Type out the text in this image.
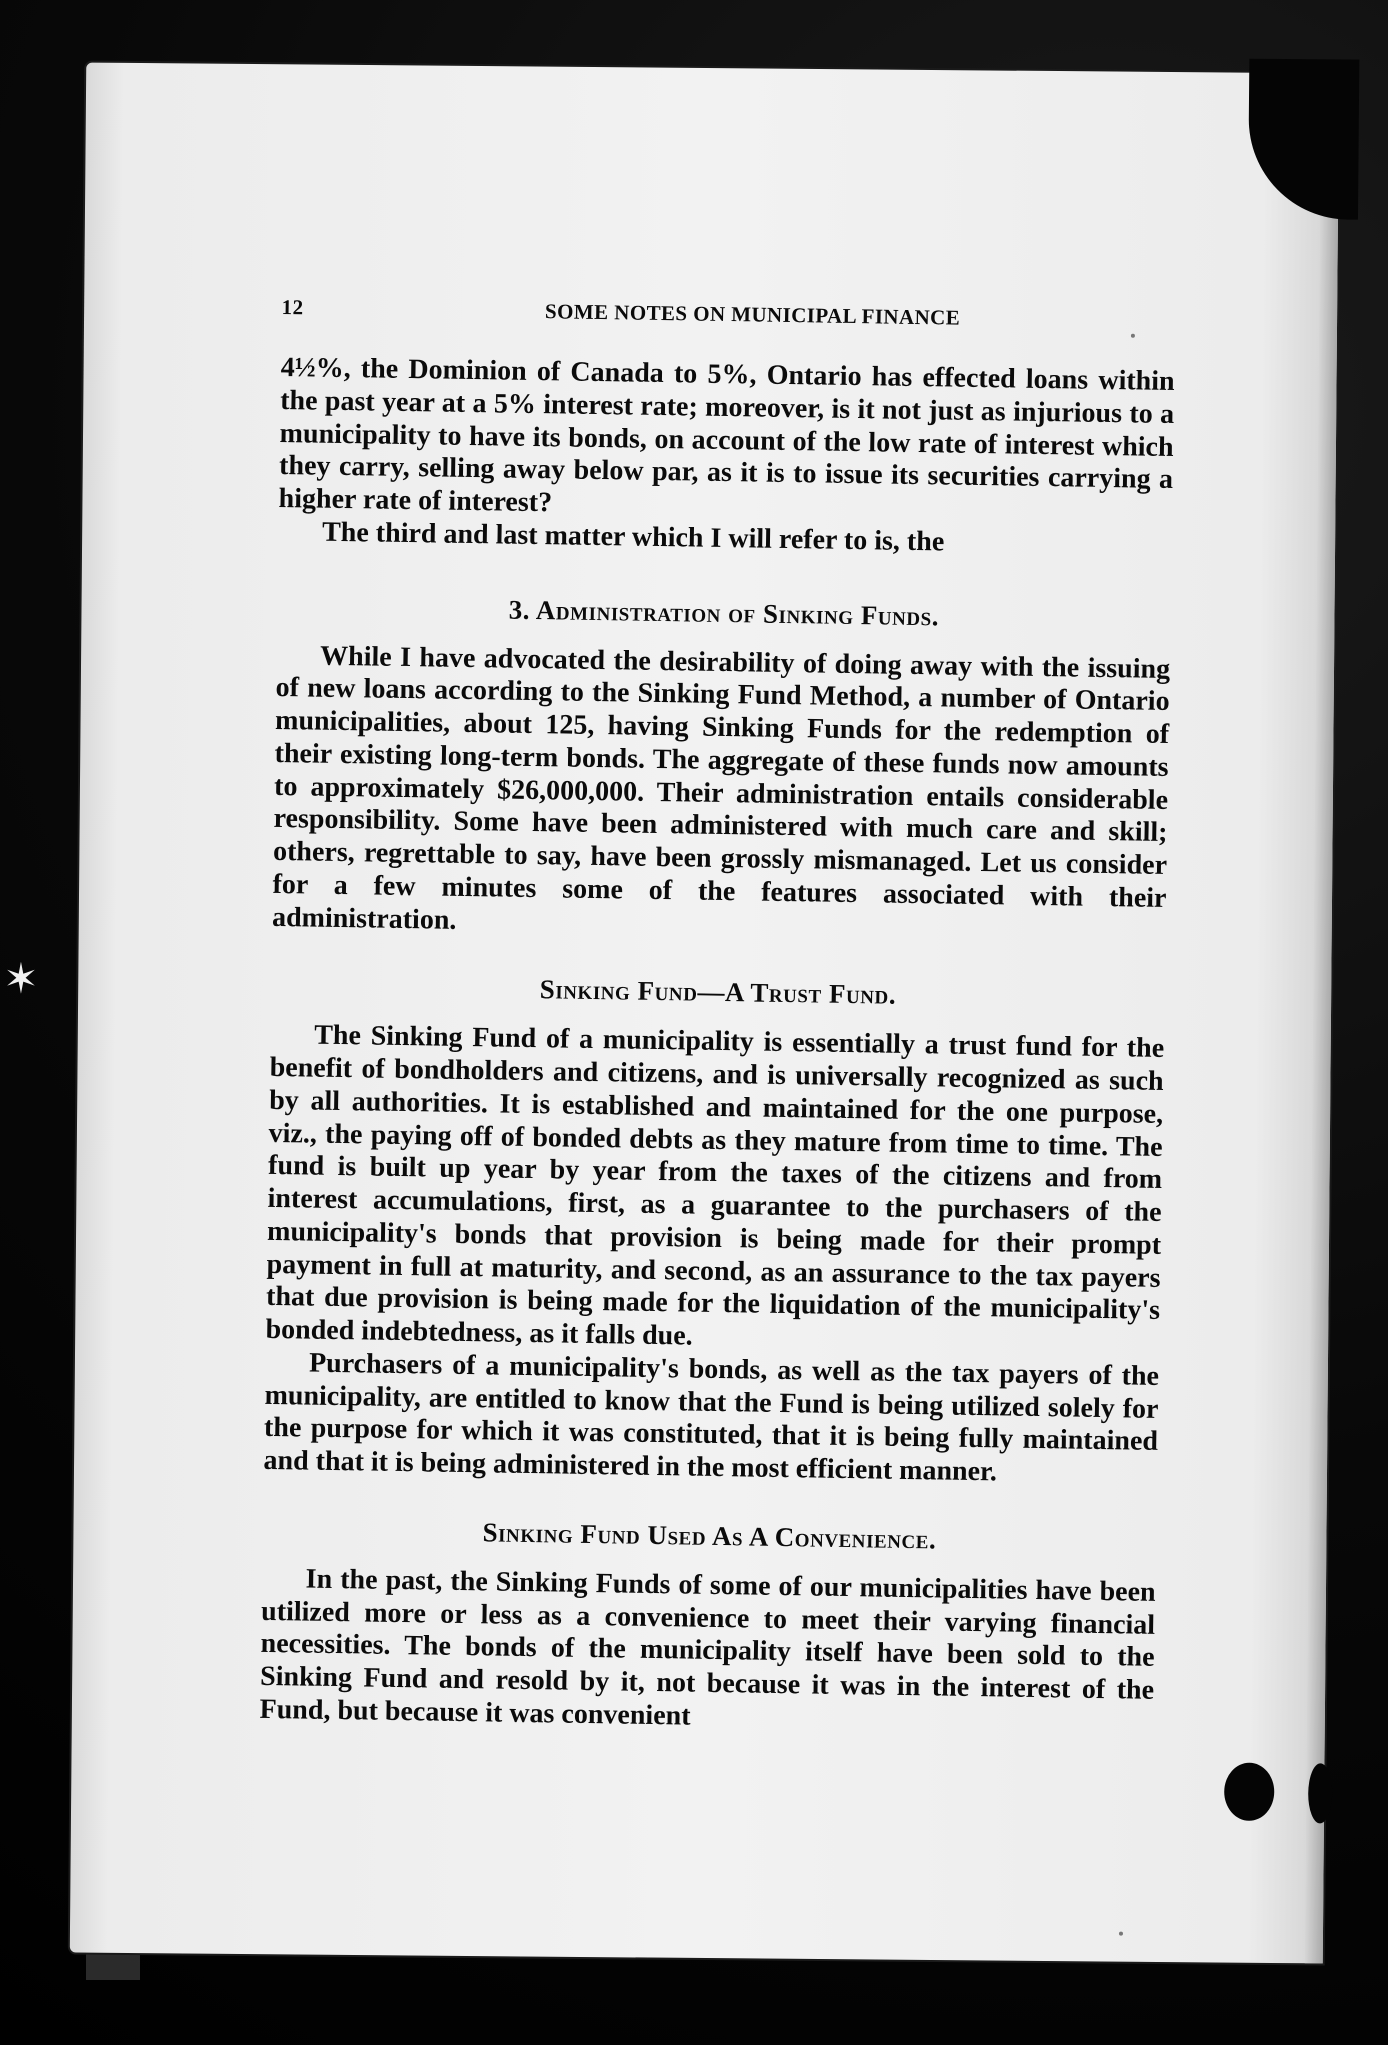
✶
12	SOME NOTES ON MUNICIPAL FINANCE

4½%, the Dominion of Canada to 5%, Ontario has effected loans within the past year at a 5% interest rate; moreover, is it not just as injurious to a municipality to have its bonds, on account of the low rate of interest which they carry, selling away below par, as it is to issue its securities carrying a higher rate of interest?

The third and last matter which I will refer to is, the

3. Administration of Sinking Funds.

While I have advocated the desirability of doing away with the issuing of new loans according to the Sinking Fund Method, a number of Ontario municipalities, about 125, having Sinking Funds for the redemption of their existing long-term bonds. The aggregate of these funds now amounts to approximately $26,000,000. Their administration entails considerable responsibility. Some have been administered with much care and skill; others, regrettable to say, have been grossly mismanaged. Let us consider for a few minutes some of the features associated with their administration.

Sinking Fund—A Trust Fund.

The Sinking Fund of a municipality is essentially a trust fund for the benefit of bondholders and citizens, and is universally recognized as such by all authorities. It is established and maintained for the one purpose, viz., the paying off of bonded debts as they mature from time to time. The fund is built up year by year from the taxes of the citizens and from interest accumulations, first, as a guarantee to the purchasers of the municipality's bonds that provision is being made for their prompt payment in full at maturity, and second, as an assurance to the tax payers that due provision is being made for the liquidation of the municipality's bonded indebtedness, as it falls due.

Purchasers of a municipality's bonds, as well as the tax payers of the municipality, are entitled to know that the Fund is being utilized solely for the purpose for which it was constituted, that it is being fully maintained and that it is being administered in the most efficient manner.

Sinking Fund Used As A Convenience.

In the past, the Sinking Funds of some of our municipalities have been utilized more or less as a convenience to meet their varying financial necessities. The bonds of the municipality itself have been sold to the Sinking Fund and resold by it, not because it was in the interest of the Fund, but because it was convenient
